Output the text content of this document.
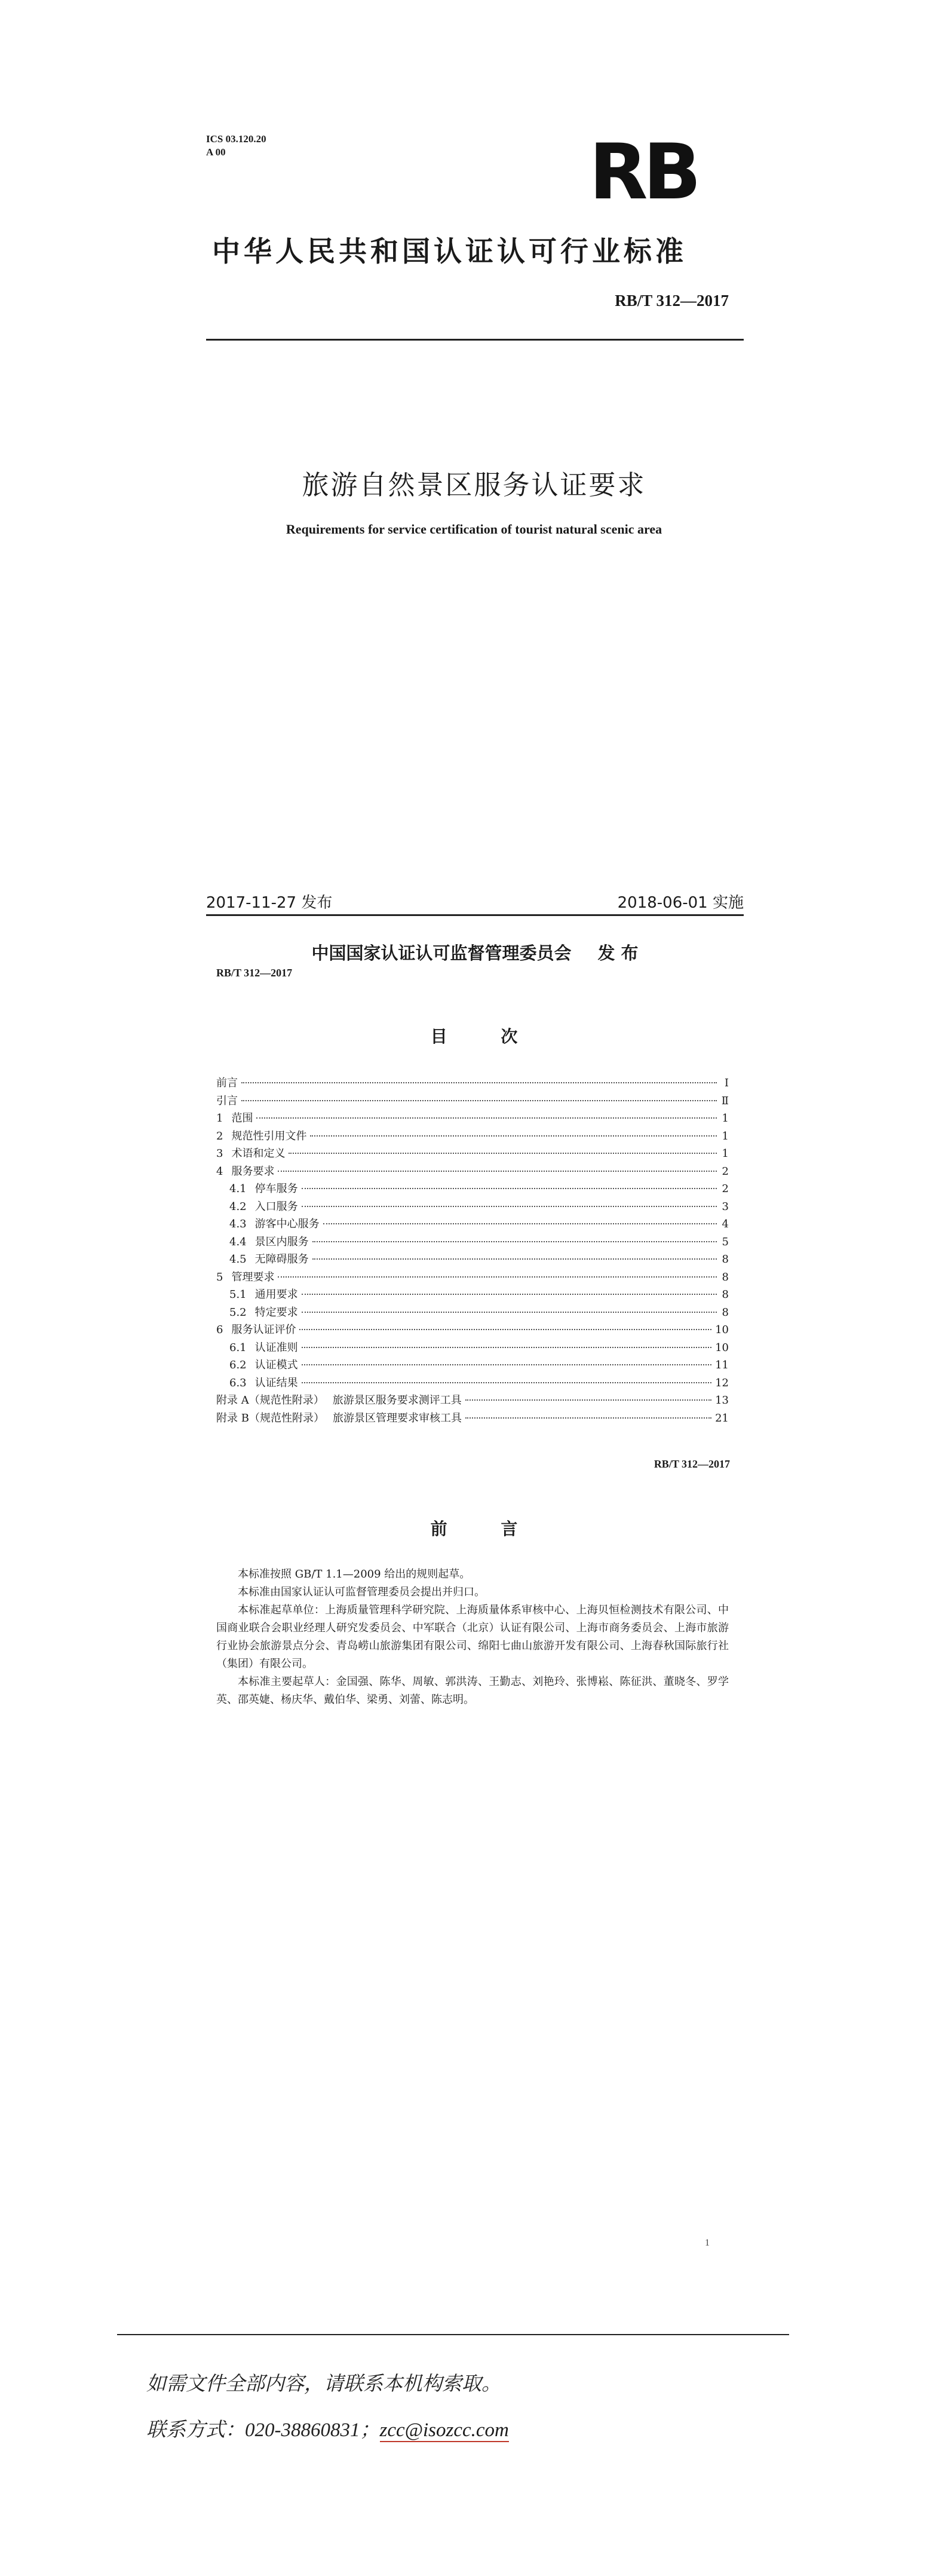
ICS 03.120.20
A 00	RB
中华人民共和国认证认可行业标准
RB/T 312—2017
旅游自然景区服务认证要求
Requirements for service certification of tourist natural scenic area
2017-11-27 发布	2018-06-01 实施
中国国家认证认可监督管理委员会 发 布
RB/T 312—2017
目 次
前言	Ⅰ
引言	Ⅱ
1 范围	1
2 规范性引用文件	1
3 术语和定义	1
4 服务要求	2
4.1 停车服务	2
4.2 入口服务	3
4.3 游客中心服务	4
4.4 景区内服务	5
4.5 无障碍服务	8
5 管理要求	8
5.1 通用要求	8
5.2 特定要求	8
6 服务认证评价	10
6.1 认证准则	10
6.2 认证模式	11
6.3 认证结果	12
附录 A（规范性附录） 旅游景区服务要求测评工具	13
附录 B（规范性附录） 旅游景区管理要求审核工具	21
RB/T 312—2017
前 言

本标准按照 GB/T 1.1—2009 给出的规则起草。

本标准由国家认证认可监督管理委员会提出并归口。

本标准起草单位：上海质量管理科学研究院、上海质量体系审核中心、上海贝恒检测技术有限公司、中国商业联合会职业经理人研究发委员会、中军联合（北京）认证有限公司、上海市商务委员会、上海市旅游行业协会旅游景点分会、青岛崂山旅游集团有限公司、绵阳七曲山旅游开发有限公司、上海春秋国际旅行社（集团）有限公司。

本标准主要起草人：金国强、陈华、周敏、郭洪涛、王勤志、刘艳玲、张博崧、陈征洪、董晓冬、罗学英、邵英婕、杨庆华、戴伯华、梁勇、刘蕾、陈志明。

1
如需文件全部内容，请联系本机构索取。
联系方式：020-38860831；zcc@isozcc.com
